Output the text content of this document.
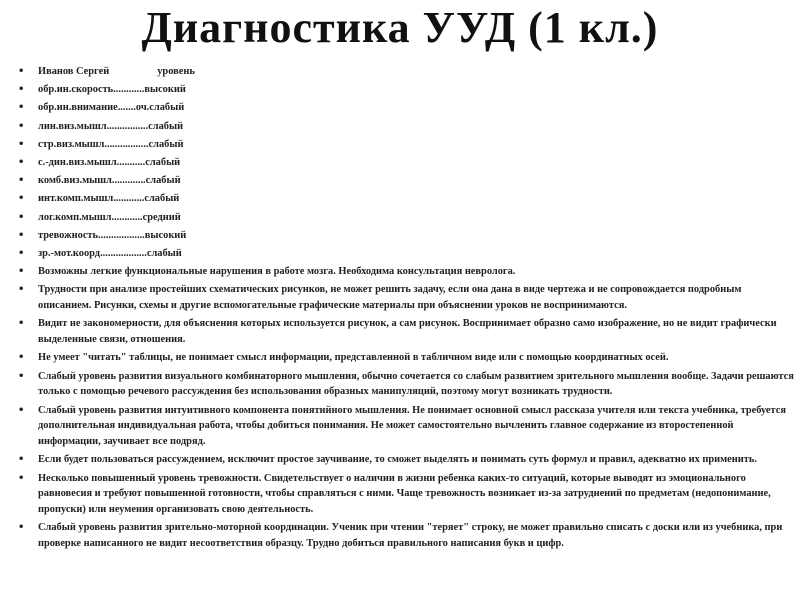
Диагностика УУД (1 кл.)
• Иванов Сергей	уровень
• обр.ин.скорость............высокий
• обр.ин.внимание.......оч.слабый
• лин.виз.мышл................слабый
• стр.виз.мышл.................слабый
• с.-дин.виз.мышл...........слабый
• комб.виз.мышл.............слабый
• инт.комп.мышл............слабый
• лог.комп.мышл............средний
• тревожность..................высокий
• зр.-мот.коорд..................слабый
• Возможны легкие функциональные нарушения в работе мозга. Необходима консультация невролога.
• Трудности при анализе простейших схематических рисунков, не может решить задачу, если она дана в виде чертежа и не сопровождается подробным описанием. Рисунки, схемы и другие вспомогательные графические материалы при объяснении уроков не воспринимаются.
• Видит не закономерности, для объяснения которых используется рисунок, а сам рисунок. Воспринимает образно само изображение, но не видит графически выделенные связи, отношения.
• Не умеет "читать" таблицы, не понимает смысл информации, представленной в табличном виде или с помощью координатных осей.
• Слабый уровень развития визуального комбинаторного мышления, обычно сочетается со слабым развитием зрительного мышления вообще. Задачи решаются только с помощью речевого рассуждения без использования образных манипуляций, поэтому могут возникать трудности.
• Слабый уровень развития интуитивного компонента понятийного мышления. Не понимает основной смысл рассказа учителя или текста учебника, требуется дополнительная индивидуальная работа, чтобы добиться понимания. Не может самостоятельно вычленить главное содержание из второстепенной информации, заучивает все подряд.
• Если будет пользоваться рассуждением, исключит простое заучивание, то сможет выделять и понимать суть формул и правил, адекватно их применить.
• Несколько повышенный уровень тревожности. Свидетельствует о наличии в жизни ребенка каких-то ситуаций, которые выводят из эмоционального равновесия и требуют повышенной готовности, чтобы справляться с ними. Чаще тревожность возникает из-за затруднений по предметам (недопонимание, пропуски) или неумения организовать свою деятельность.
• Слабый уровень развития зрительно-моторной координации. Ученик при чтении "теряет" строку, не может правильно списать с доски или из учебника, при проверке написанного не видит несоответствия образцу. Трудно добиться правильного написания букв и цифр.
